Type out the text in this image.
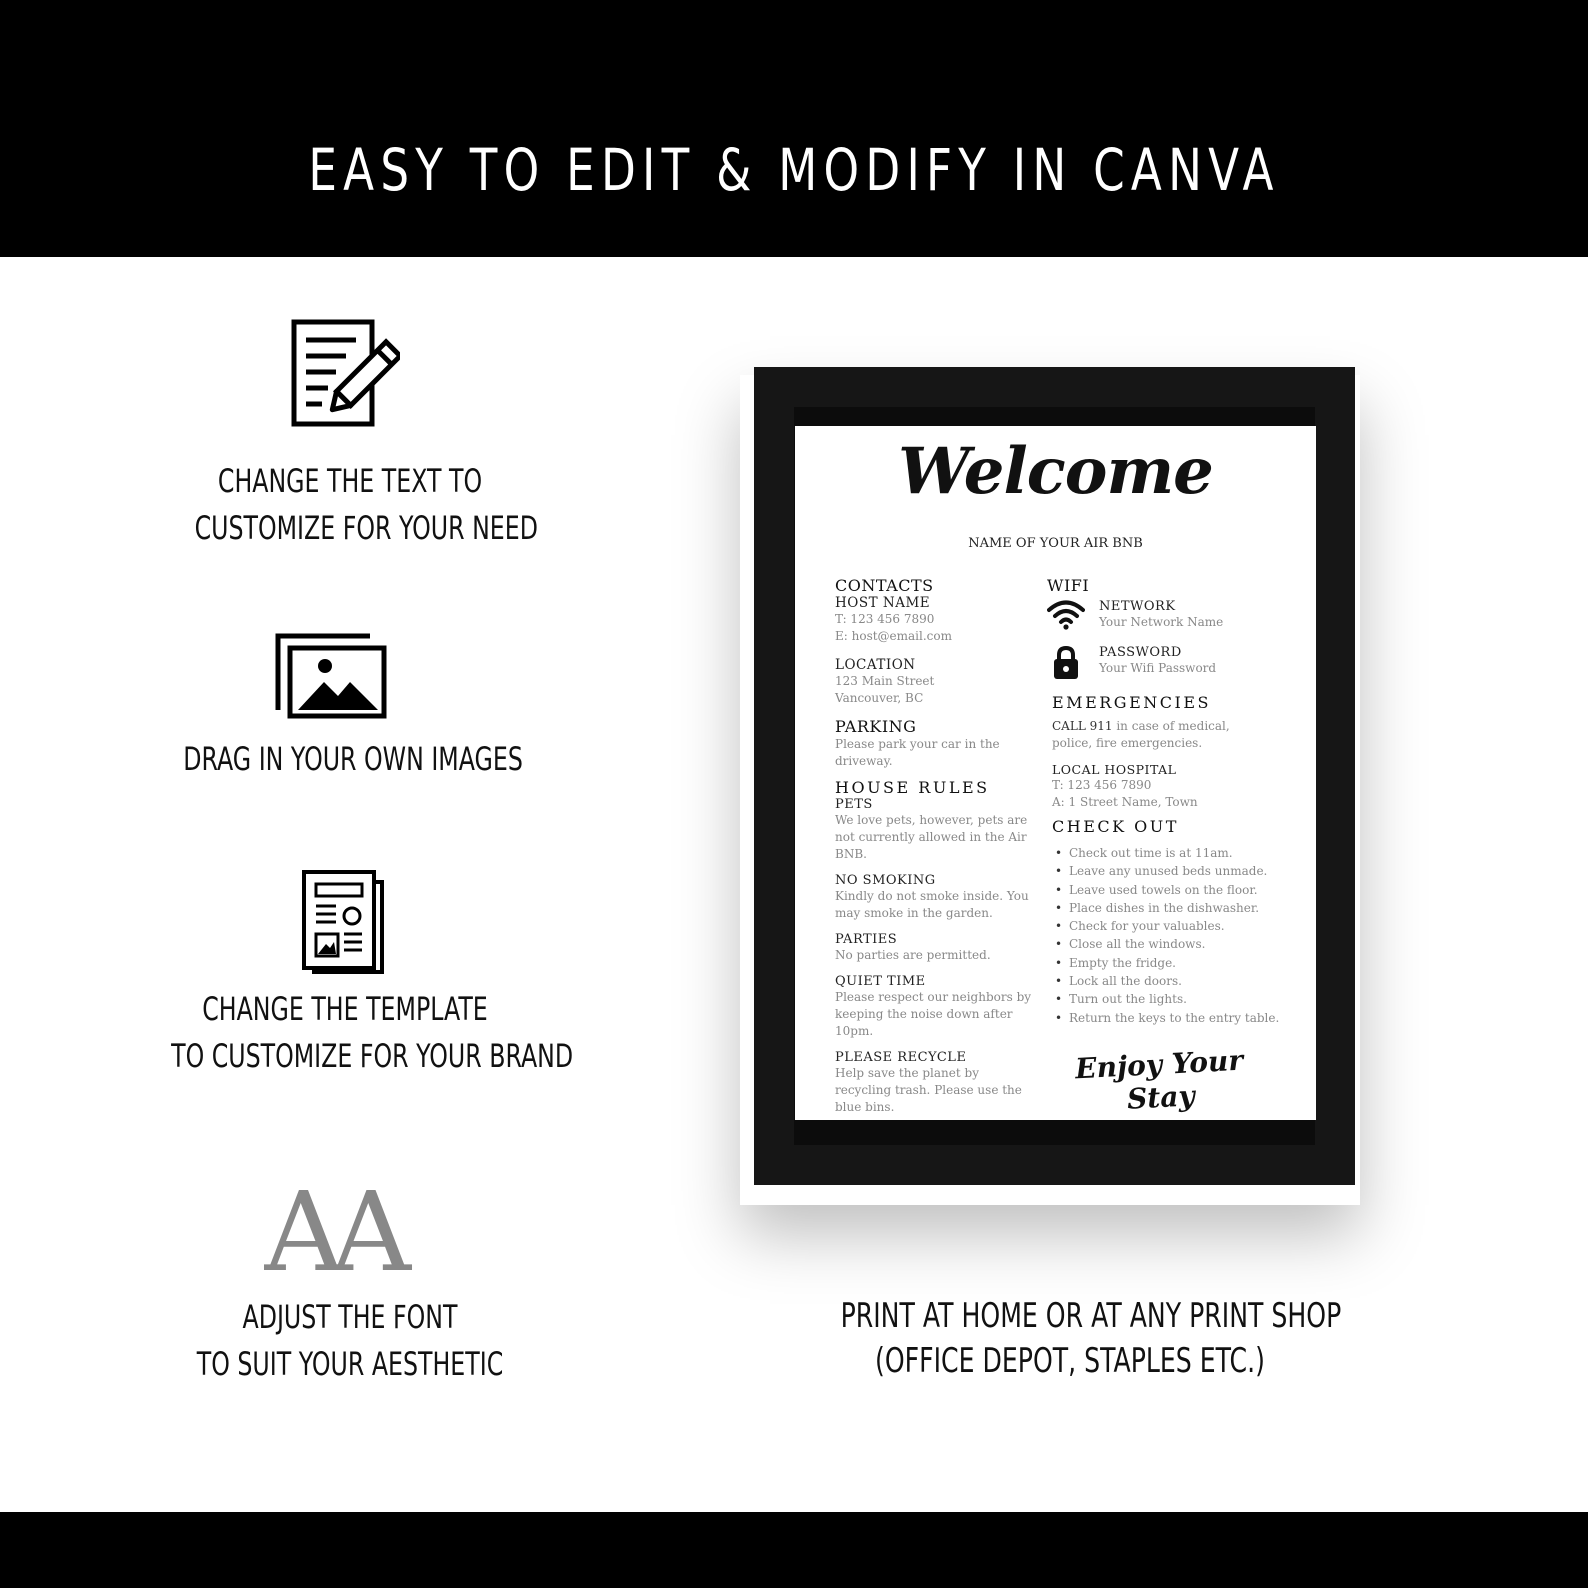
EASY TO EDIT & MODIFY IN CANVA
CHANGE THE TEXT TO
CUSTOMIZE FOR YOUR NEED
DRAG IN YOUR OWN IMAGES
CHANGE THE TEMPLATE
TO CUSTOMIZE FOR YOUR BRAND
AA
ADJUST THE FONT
TO SUIT YOUR AESTHETIC
Welcome
NAME OF YOUR AIR BNB
CONTACTS
HOST NAME
T: 123 456 7890
E: host@email.com
LOCATION
123 Main Street
Vancouver, BC
PARKING
Please park your car in the driveway.
HOUSE RULES
PETS
We love pets, however, pets are not currently allowed in the Air BNB.
NO SMOKING
Kindly do not smoke inside. You may smoke in the garden.
PARTIES
No parties are permitted.
QUIET TIME
Please respect our neighbors by keeping the noise down after 10pm.
PLEASE RECYCLE
Help save the planet by recycling trash. Please use the blue bins.
WIFI
NETWORK
Your Network Name
PASSWORD
Your Wifi Password
EMERGENCIES
CALL 911 in case of medical, police, fire emergencies.
LOCAL HOSPITAL
T: 123 456 7890
A: 1 Street Name, Town
CHECK OUT
• Check out time is at 11am.
• Leave any unused beds unmade.
• Leave used towels on the floor.
• Place dishes in the dishwasher.
• Check for your valuables.
• Close all the windows.
• Empty the fridge.
• Lock all the doors.
• Turn out the lights.
• Return the keys to the entry table.
Enjoy Your Stay
PRINT AT HOME OR AT ANY PRINT SHOP
(OFFICE DEPOT, STAPLES ETC.)
